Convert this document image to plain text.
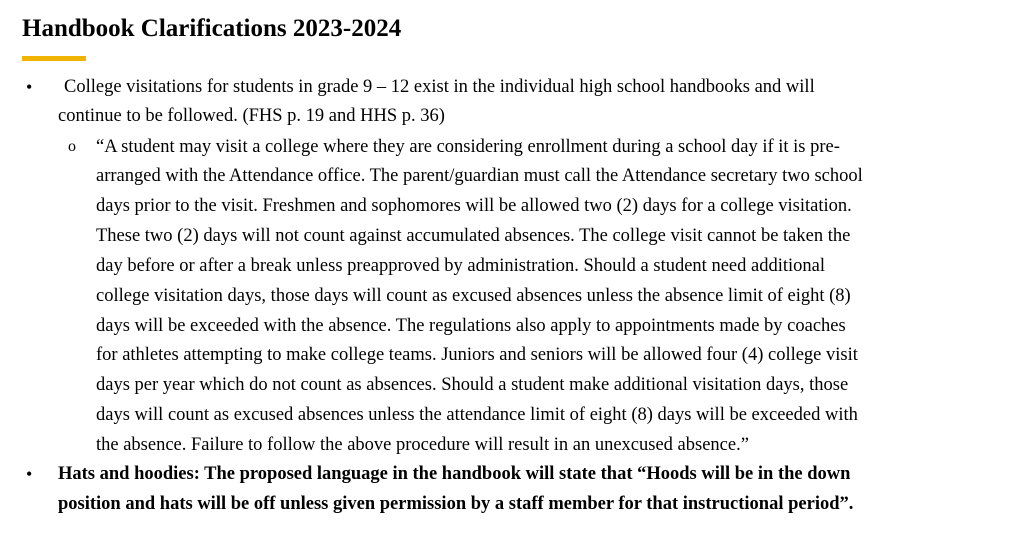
Handbook Clarifications 2023-2024
•	College visitations for students in grade 9 – 12 exist in the individual high school handbooks and will
continue to be followed. (FHS p. 19 and HHS p. 36)
o “A student may visit a college where they are considering enrollment during a school day if it is pre-
arranged with the Attendance office. The parent/guardian must call the Attendance secretary two school
days prior to the visit. Freshmen and sophomores will be allowed two (2) days for a college visitation.
These two (2) days will not count against accumulated absences. The college visit cannot be taken the
day before or after a break unless preapproved by administration. Should a student need additional
college visitation days, those days will count as excused absences unless the absence limit of eight (8)
days will be exceeded with the absence. The regulations also apply to appointments made by coaches
for athletes attempting to make college teams. Juniors and seniors will be allowed four (4) college visit
days per year which do not count as absences. Should a student make additional visitation days, those
days will count as excused absences unless the attendance limit of eight (8) days will be exceeded with
the absence. Failure to follow the above procedure will result in an unexcused absence.”
•	Hats and hoodies: The proposed language in the handbook will state that “Hoods will be in the down
position and hats will be off unless given permission by a staff member for that instructional period”.
